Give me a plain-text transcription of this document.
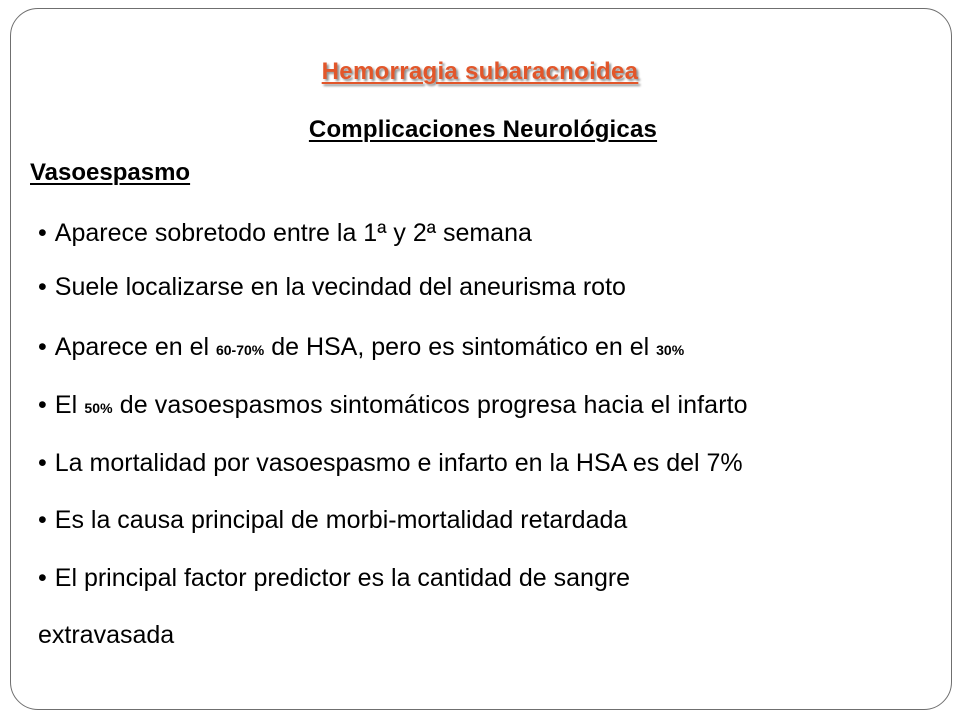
Hemorragia subaracnoidea
Complicaciones Neurológicas
Vasoespasmo
• Aparece sobretodo entre la 1ª y 2ª semana
• Suele localizarse en la vecindad del aneurisma roto
• Aparece en el 60-70% de HSA, pero es sintomático en el 30%
• El 50% de vasoespasmos sintomáticos progresa hacia el infarto
• La mortalidad por vasoespasmo e infarto en la HSA es del 7%
• Es la causa principal de morbi-mortalidad retardada
• El principal factor predictor es la cantidad de sangre
extravasada
